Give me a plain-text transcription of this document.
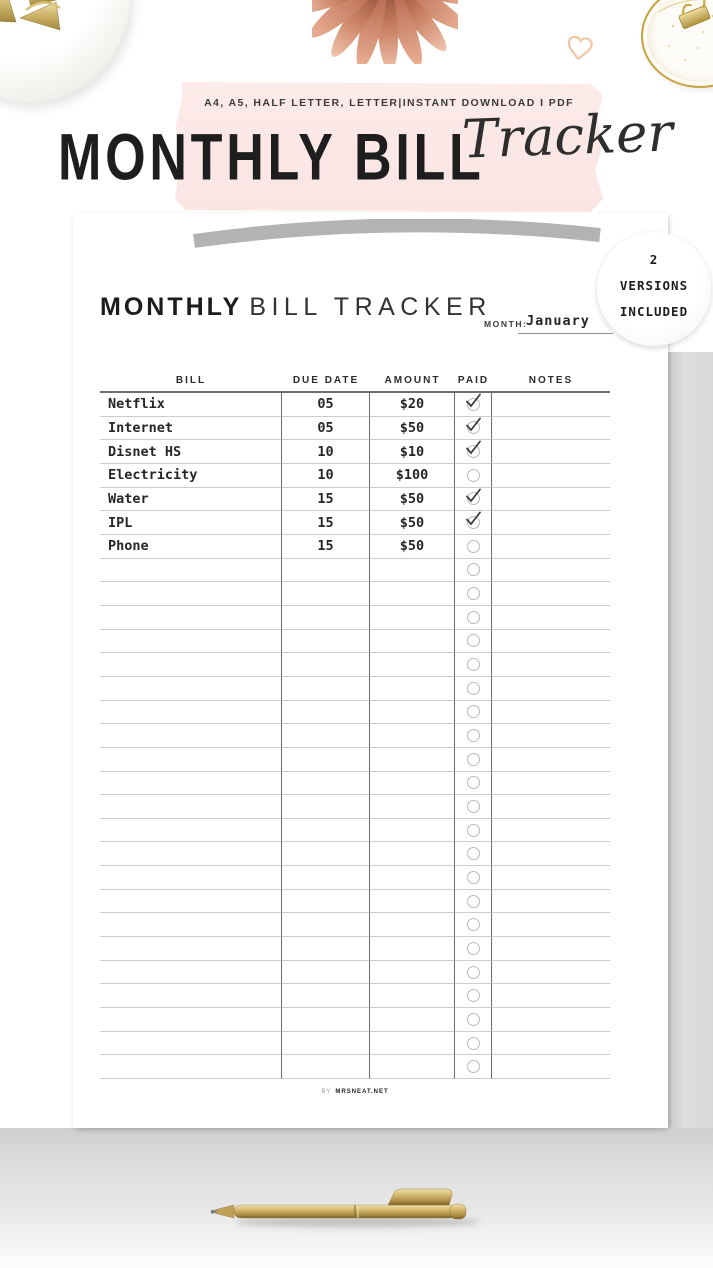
A4, A5, HALF LETTER, LETTER|INSTANT DOWNLOAD I PDF
MONTHLY BILL
Tracker
2
VERSIONS
INCLUDED
MONTHLY BILL TRACKER
MONTH:
January
BILL	DUE DATE	AMOUNT	PAID	NOTES
Netflix	05	$20
Internet	05	$50
Disnet HS	10	$10
Electricity	10	$100
Water	15	$50
IPL	15	$50
Phone	15	$50
BY MRSNEAT.NET
